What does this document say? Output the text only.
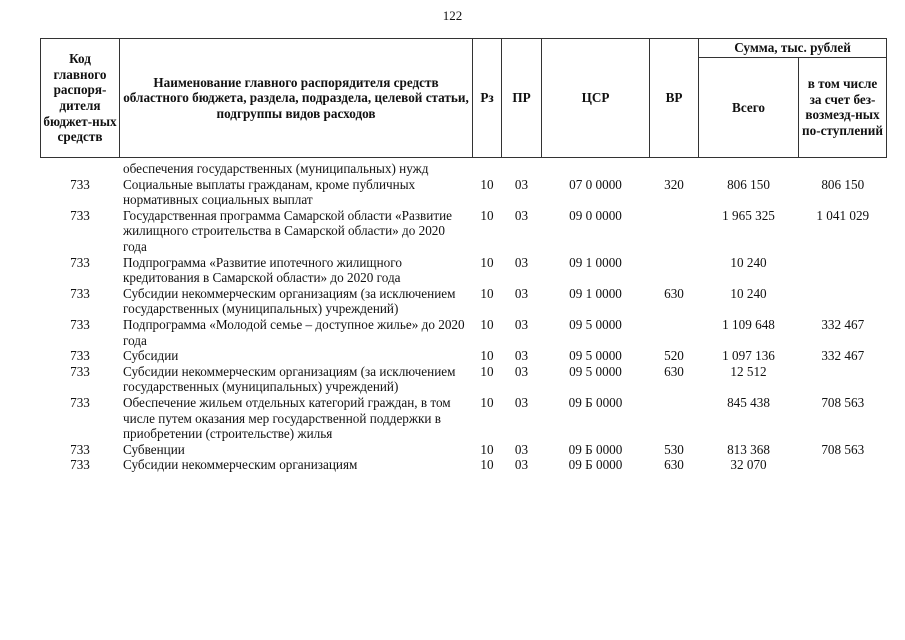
122
Код главного распоря-дителя бюджет-ных средств	Наименование главного распорядителя средств областного бюджета, раздела, подраздела, целевой статьи, подгруппы видов расходов	Рз	ПР	ЦСР	ВР	Сумма, тыс. рублей	
						Всего	в том числе за счет без-возмезд-ных по-ступлений
	обеспечения государственных (муниципальных) нужд						
733	Социальные выплаты гражданам, кроме публичных нормативных социальных выплат	10	03	07 0 0000	320	806 150	806 150
733	Государственная программа Самарской области «Развитие жилищного строительства в Самарской области» до 2020 года	10	03	09 0 0000		1 965 325	1 041 029
733	Подпрограмма «Развитие ипотечного жилищного кредитования в Самарской области» до 2020 года	10	03	09 1 0000		10 240	
733	Субсидии некоммерческим организациям (за исключением государственных (муниципальных) учреждений)	10	03	09 1 0000	630	10 240	
733	Подпрограмма «Молодой семье – доступное жилье» до 2020 года	10	03	09 5 0000		1 109 648	332 467
733	Субсидии	10	03	09 5 0000	520	1 097 136	332 467
733	Субсидии некоммерческим организациям (за исключением государственных (муниципальных) учреждений)	10	03	09 5 0000	630	12 512	
733	Обеспечение жильем отдельных категорий граждан, в том числе путем оказания мер государственной поддержки в приобретении (строительстве) жилья	10	03	09 Б 0000		845 438	708 563
733	Субвенции	10	03	09 Б 0000	530	813 368	708 563
733	Субсидии некоммерческим организациям	10	03	09 Б 0000	630	32 070	
